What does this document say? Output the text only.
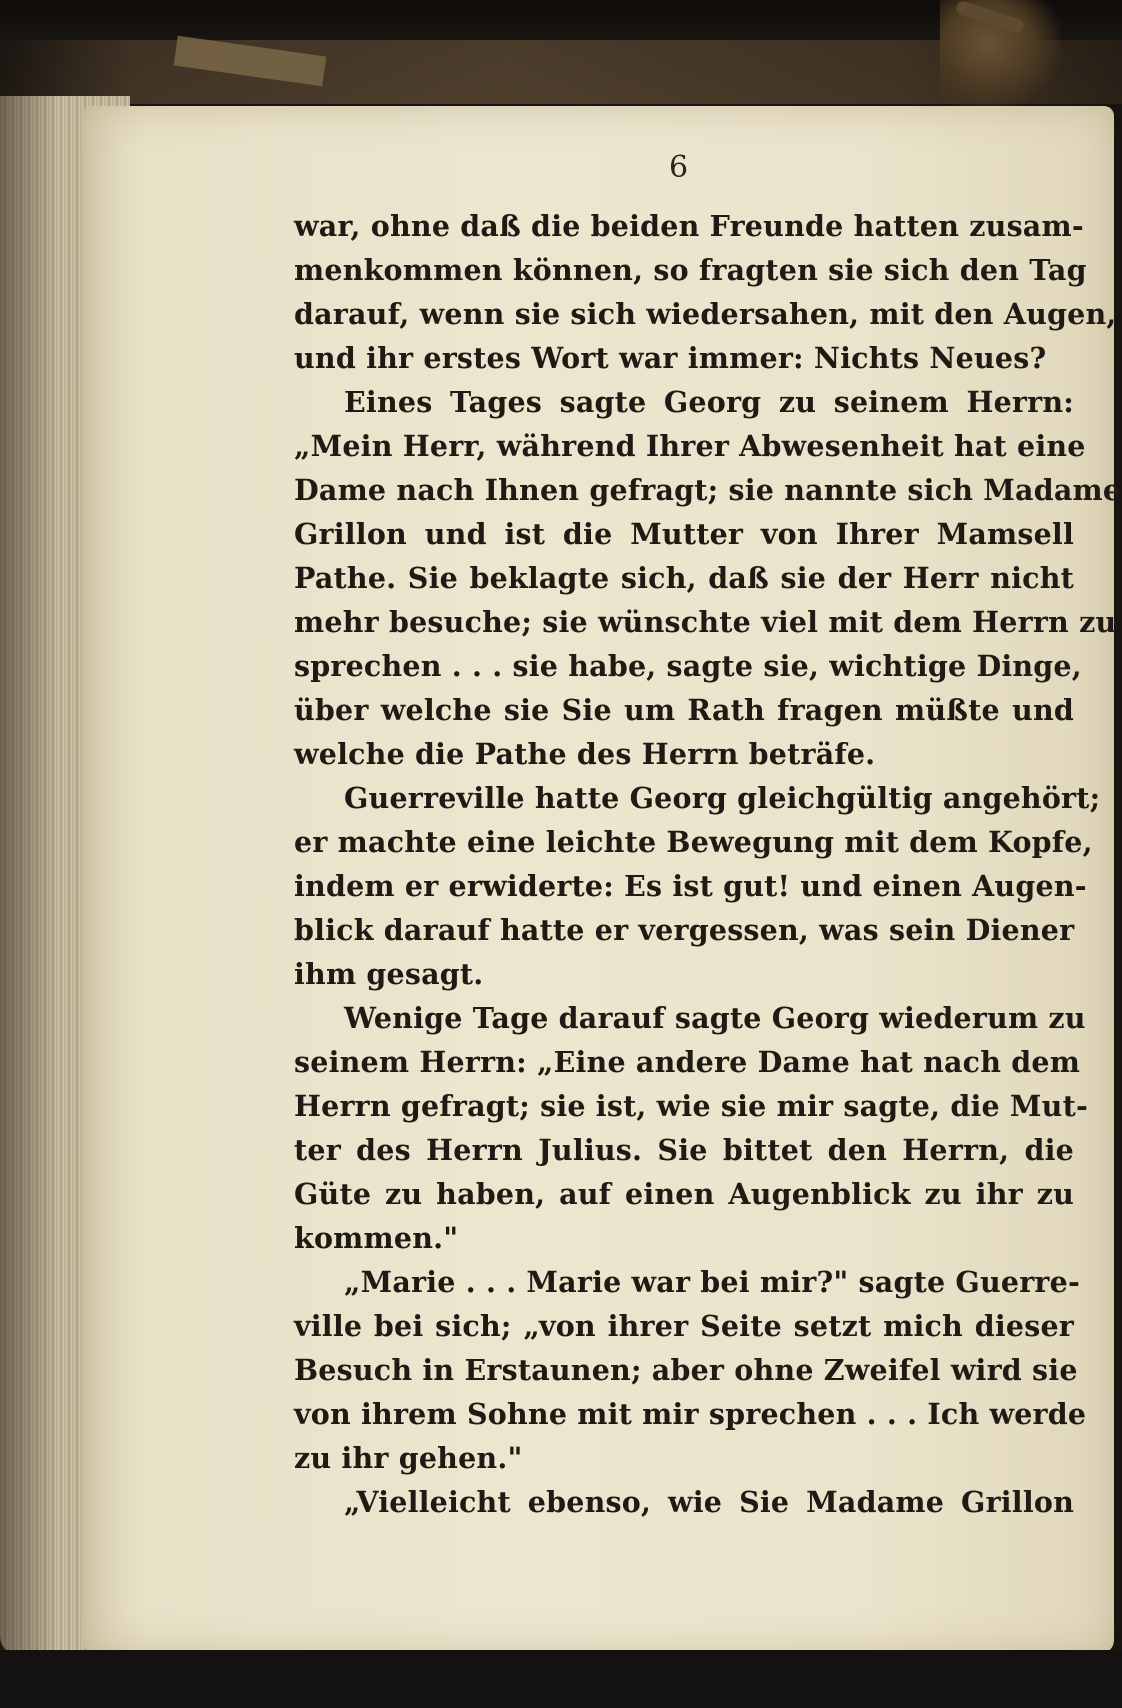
6
war, ohne daß die beiden Freunde hatten zusam-
menkommen können, so fragten sie sich den Tag
darauf, wenn sie sich wiedersahen, mit den Augen,
und ihr erstes Wort war immer: Nichts Neues?
Eines Tages sagte Georg zu seinem Herrn:
„Mein Herr, während Ihrer Abwesenheit hat eine
Dame nach Ihnen gefragt; sie nannte sich Madame
Grillon und ist die Mutter von Ihrer Mamsell
Pathe. Sie beklagte sich, daß sie der Herr nicht
mehr besuche; sie wünschte viel mit dem Herrn zu
sprechen . . . sie habe, sagte sie, wichtige Dinge,
über welche sie Sie um Rath fragen müßte und
welche die Pathe des Herrn beträfe.
Guerreville hatte Georg gleichgültig angehört;
er machte eine leichte Bewegung mit dem Kopfe,
indem er erwiderte: Es ist gut! und einen Augen-
blick darauf hatte er vergessen, was sein Diener
ihm gesagt.
Wenige Tage darauf sagte Georg wiederum zu
seinem Herrn: „Eine andere Dame hat nach dem
Herrn gefragt; sie ist, wie sie mir sagte, die Mut-
ter des Herrn Julius. Sie bittet den Herrn, die
Güte zu haben, auf einen Augenblick zu ihr zu
kommen."
„Marie . . . Marie war bei mir?" sagte Guerre-
ville bei sich; „von ihrer Seite setzt mich dieser
Besuch in Erstaunen; aber ohne Zweifel wird sie
von ihrem Sohne mit mir sprechen . . . Ich werde
zu ihr gehen."
„Vielleicht ebenso, wie Sie Madame Grillon
